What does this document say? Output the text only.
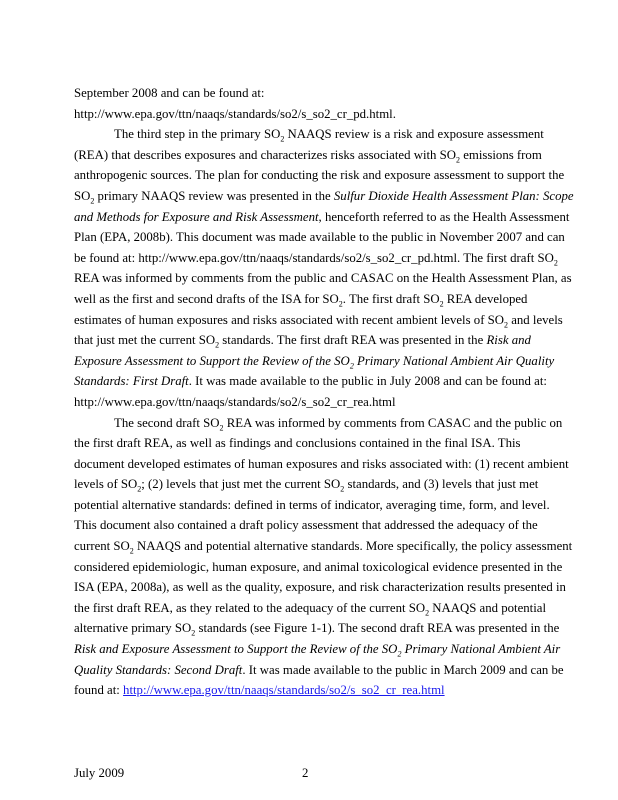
September 2008 and can be found at:
http://www.epa.gov/ttn/naaqs/standards/so2/s_so2_cr_pd.html.

The third step in the primary $SO_2$ NAAQS review is a risk and exposure assessment (REA) that describes exposures and characterizes risks associated with $SO_2$ emissions from anthropogenic sources. The plan for conducting the risk and exposure assessment to support the $SO_2$ primary NAAQS review was presented in the Sulfur Dioxide Health Assessment Plan: Scope and Methods for Exposure and Risk Assessment, henceforth referred to as the Health Assessment Plan (EPA, 2008b). This document was made available to the public in November 2007 and can be found at: http://www.epa.gov/ttn/naaqs/standards/so2/s_so2_cr_pd.html. The first draft $SO_2$ REA was informed by comments from the public and CASAC on the Health Assessment Plan, as well as the first and second drafts of the ISA for $SO_2$. The first draft $SO_2$ REA developed estimates of human exposures and risks associated with recent ambient levels of $SO_2$ and levels that just met the current $SO_2$ standards. The first draft REA was presented in the Risk and Exposure Assessment to Support the Review of the $SO_2$ Primary National Ambient Air Quality Standards: First Draft. It was made available to the public in July 2008 and can be found at: http://www.epa.gov/ttn/naaqs/standards/so2/s_so2_cr_rea.html

The second draft $SO_2$ REA was informed by comments from CASAC and the public on the first draft REA, as well as findings and conclusions contained in the final ISA. This document developed estimates of human exposures and risks associated with: (1) recent ambient levels of $SO_2$; (2) levels that just met the current $SO_2$ standards, and (3) levels that just met potential alternative standards: defined in terms of indicator, averaging time, form, and level. This document also contained a draft policy assessment that addressed the adequacy of the current $SO_2$ NAAQS and potential alternative standards. More specifically, the policy assessment considered epidemiologic, human exposure, and animal toxicological evidence presented in the ISA (EPA, 2008a), as well as the quality, exposure, and risk characterization results presented in the first draft REA, as they related to the adequacy of the current $SO_2$ NAAQS and potential alternative primary $SO_2$ standards (see Figure 1-1). The second draft REA was presented in the Risk and Exposure Assessment to Support the Review of the $SO_2$ Primary National Ambient Air Quality Standards: Second Draft. It was made available to the public in March 2009 and can be found at: http://www.epa.gov/ttn/naaqs/standards/so2/s_so2_cr_rea.html

July 2009	2
